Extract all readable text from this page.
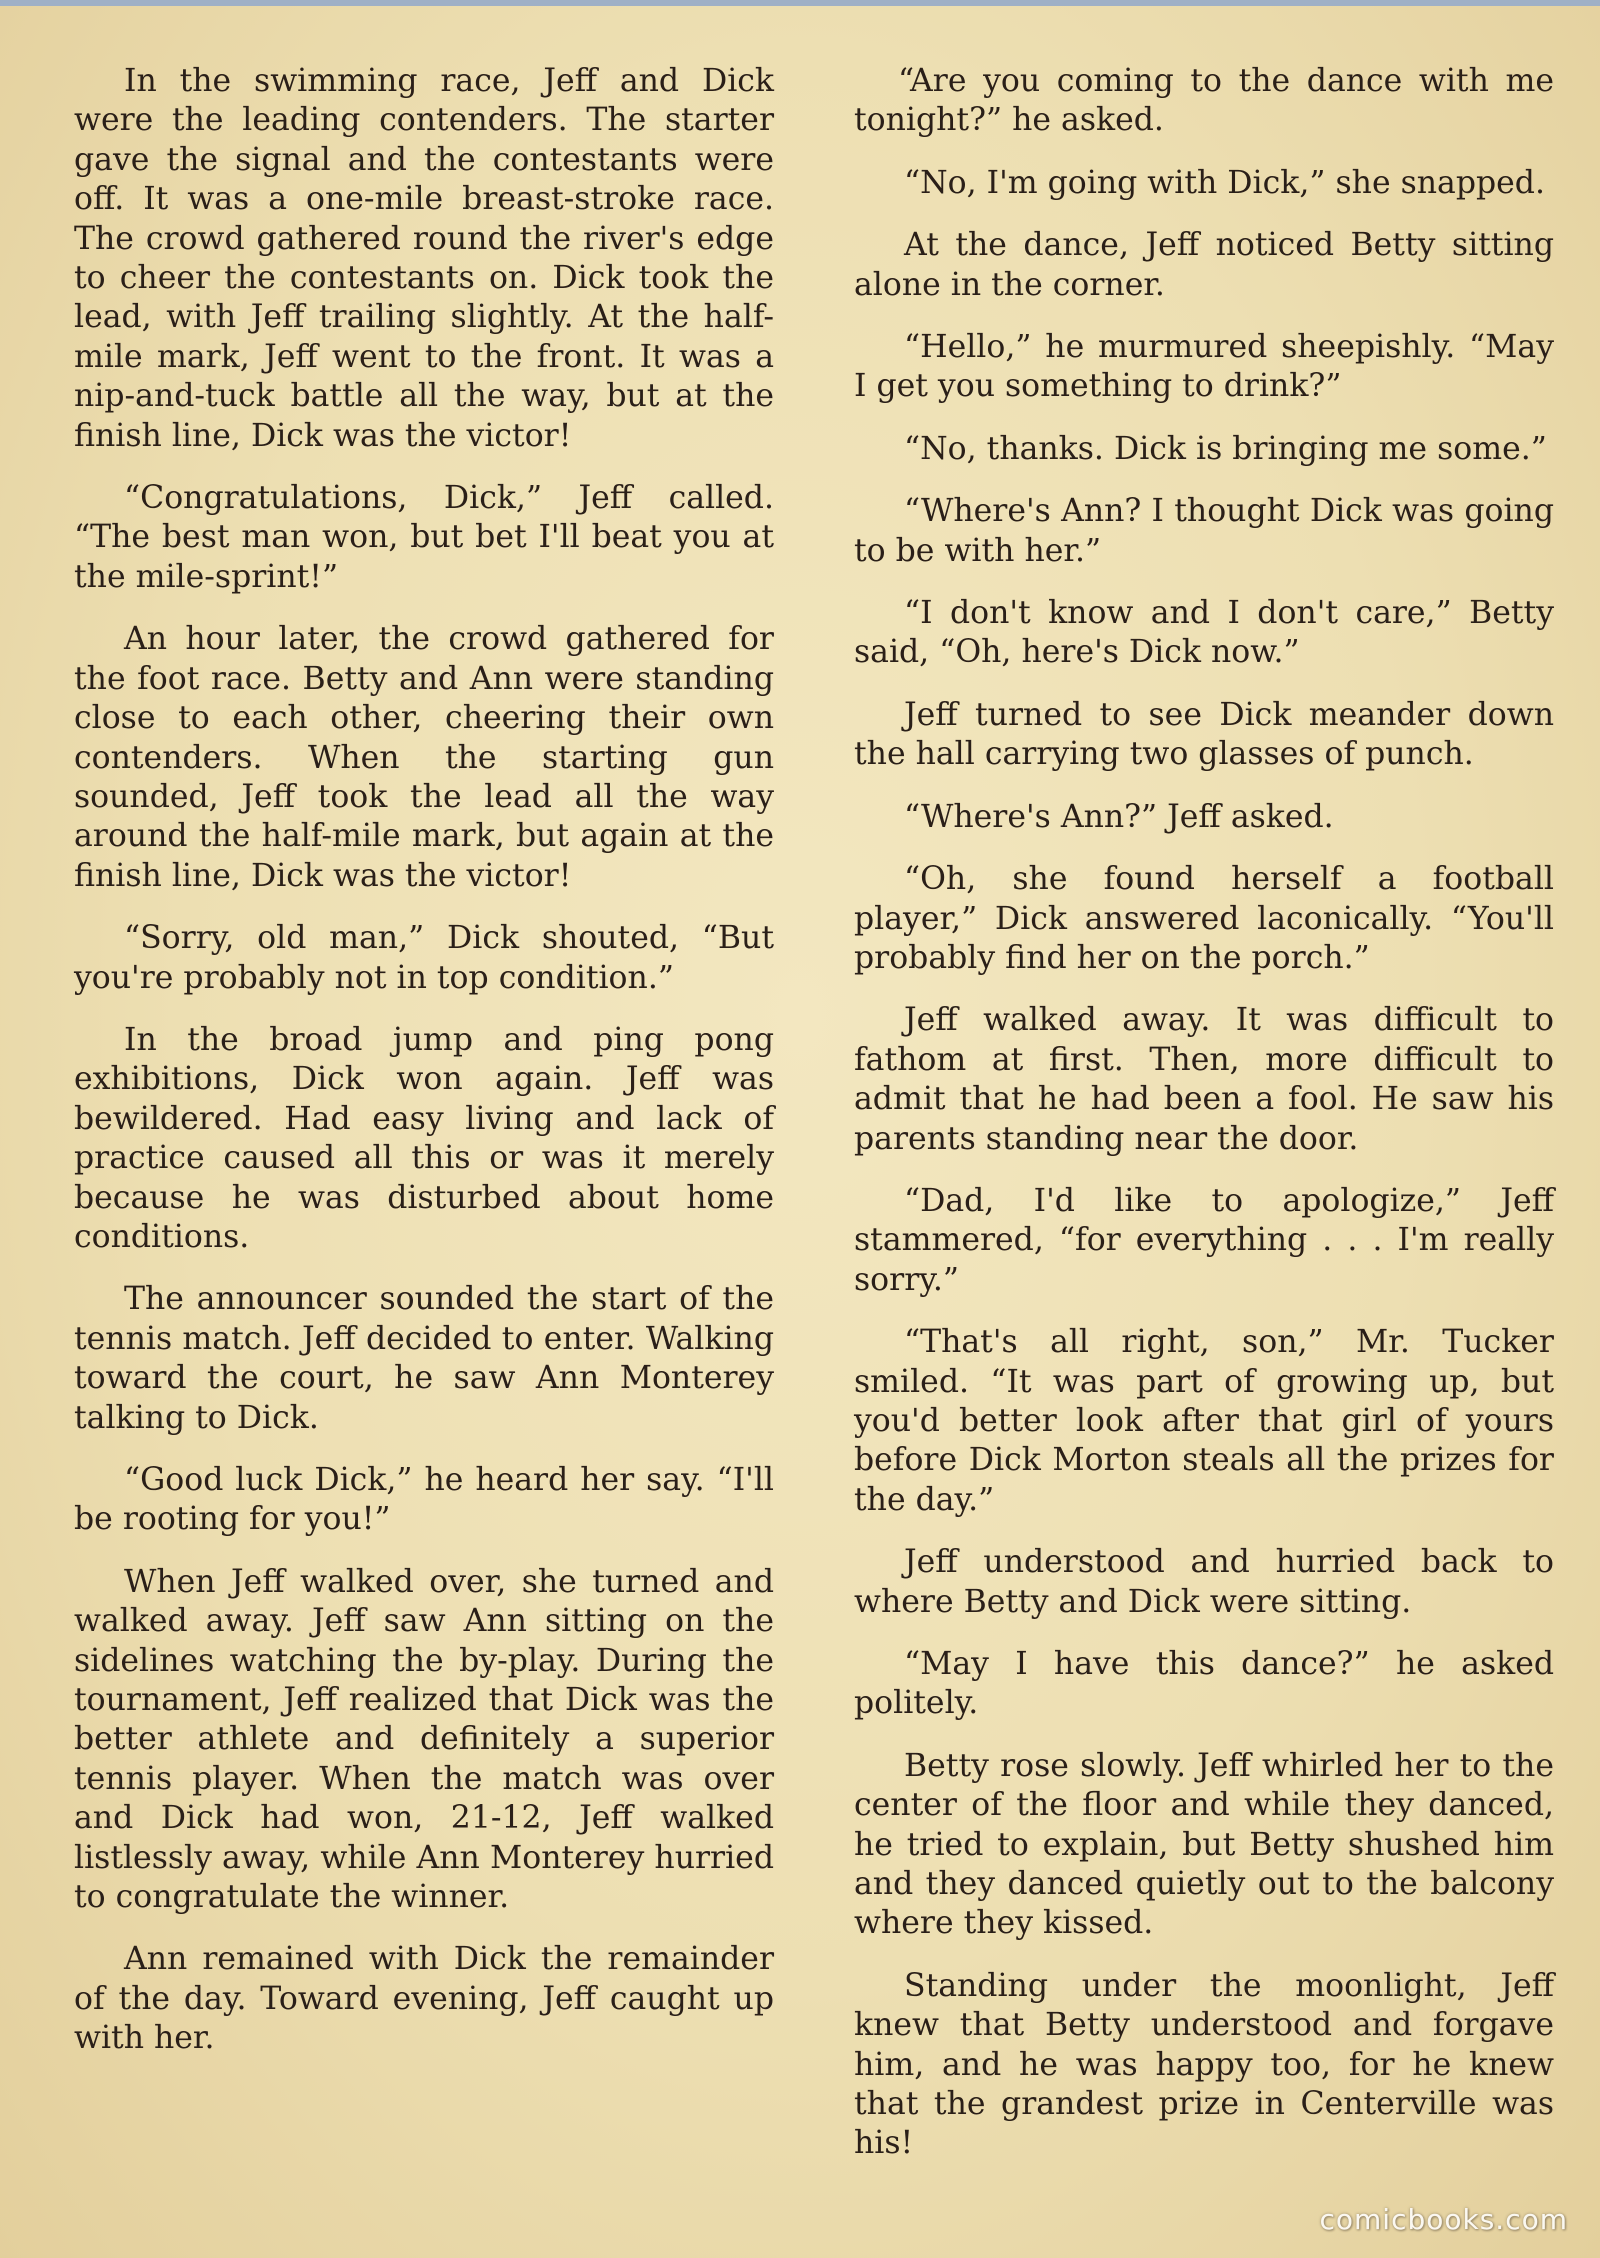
In the swimming race, Jeff and Dick were the leading contenders. The starter gave the signal and the contestants were off. It was a one-mile breast-stroke race. The crowd gathered round the river's edge to cheer the contestants on. Dick took the lead, with Jeff trailing slightly. At the half-mile mark, Jeff went to the front. It was a nip-and-tuck battle all the way, but at the finish line, Dick was the victor!

“Congratulations, Dick,” Jeff called. “The best man won, but bet I'll beat you at the mile-sprint!”

An hour later, the crowd gathered for the foot race. Betty and Ann were standing close to each other, cheering their own contenders. When the starting gun sounded, Jeff took the lead all the way around the half-mile mark, but again at the finish line, Dick was the victor!

“Sorry, old man,” Dick shouted, “But you're probably not in top condition.”

In the broad jump and ping pong exhibitions, Dick won again. Jeff was bewildered. Had easy living and lack of practice caused all this or was it merely because he was disturbed about home conditions.

The announcer sounded the start of the tennis match. Jeff decided to enter. Walking toward the court, he saw Ann Monterey talking to Dick.

“Good luck Dick,” he heard her say. “I'll be rooting for you!”

When Jeff walked over, she turned and walked away. Jeff saw Ann sitting on the sidelines watching the by-play. During the tournament, Jeff realized that Dick was the better athlete and definitely a superior tennis player. When the match was over and Dick had won, 21-12, Jeff walked listlessly away, while Ann Monterey hurried to congratulate the winner.

Ann remained with Dick the remainder of the day. Toward evening, Jeff caught up with her.

“Are you coming to the dance with me tonight?” he asked.

“No, I'm going with Dick,” she snapped.

At the dance, Jeff noticed Betty sitting alone in the corner.

“Hello,” he murmured sheepishly. “May I get you something to drink?”

“No, thanks. Dick is bringing me some.”

“Where's Ann? I thought Dick was going to be with her.”

“I don't know and I don't care,” Betty said, “Oh, here's Dick now.”

Jeff turned to see Dick meander down the hall carrying two glasses of punch.

“Where's Ann?” Jeff asked.

“Oh, she found herself a football player,” Dick answered laconically. “You'll probably find her on the porch.”

Jeff walked away. It was difficult to fathom at first. Then, more difficult to admit that he had been a fool. He saw his parents standing near the door.

“Dad, I'd like to apologize,” Jeff stammered, “for everything . . . I'm really sorry.”

“That's all right, son,” Mr. Tucker smiled. “It was part of growing up, but you'd better look after that girl of yours before Dick Morton steals all the prizes for the day.”

Jeff understood and hurried back to where Betty and Dick were sitting.

“May I have this dance?” he asked politely.

Betty rose slowly. Jeff whirled her to the center of the floor and while they danced, he tried to explain, but Betty shushed him and they danced quietly out to the balcony where they kissed.

Standing under the moonlight, Jeff knew that Betty understood and forgave him, and he was happy too, for he knew that the grandest prize in Centerville was his!

comicbooks.com
